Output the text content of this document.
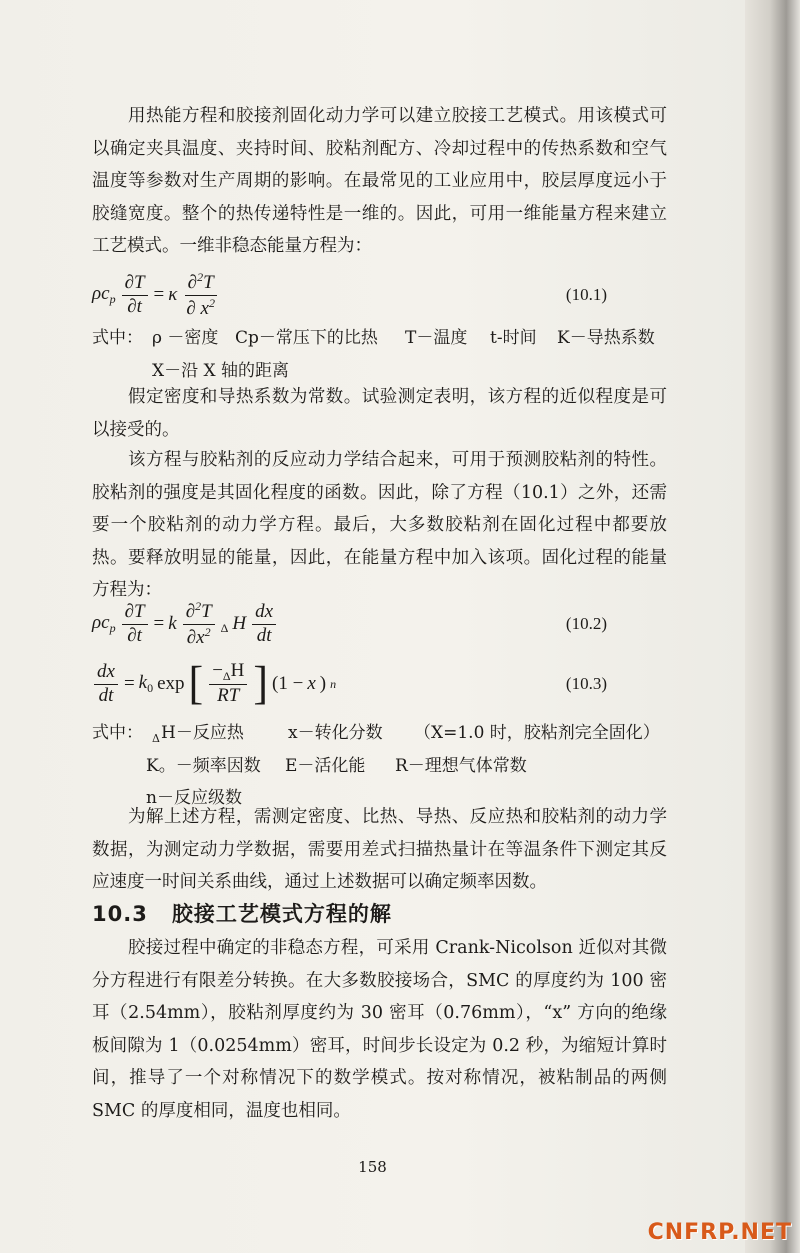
用热能方程和胶接剂固化动力学可以建立胶接工艺模式。用该模式可以确定夹具温度、夹持时间、胶粘剂配方、冷却过程中的传热系数和空气温度等参数对生产周期的影响。在最常见的工业应用中，胶层厚度远小于胶缝宽度。整个的热传递特性是一维的。因此，可用一维能量方程来建立工艺模式。一维非稳态能量方程为：

$\rho c_p \frac{\partial T}{\partial t} = \kappa \frac{\partial^2T}{\partial x^2}$	(10.1)
式中： ρ －密度 Cp－常压下的比热 T－温度 t-时间 K－导热系数
X－沿 X 轴的距离

假定密度和导热系数为常数。试验测定表明，该方程的近似程度是可以接受的。

该方程与胶粘剂的反应动力学结合起来，可用于预测胶粘剂的特性。胶粘剂的强度是其固化程度的函数。因此，除了方程（10.1）之外，还需要一个胶粘剂的动力学方程。最后，大多数胶粘剂在固化过程中都要放热。要释放明显的能量，因此，在能量方程中加入该项。固化过程的能量方程为：

$\rho c_p \frac{\partial T}{\partial t} = k \frac{\partial^2T}{\partial x^2} _\Delta$ H $\frac{dx}{dt}$	(10.2)
$\frac{dx}{dt} = k_0$ exp [ $\frac{-_\Delta H}{RT}$ ] (1 − x ) n	(10.3)
式中： Δ H－反应热	x－转化分数 （X=1.0 时，胶粘剂完全固化）
K。－频率因数 E－活化能 R－理想气体常数
n－反应级数

为解上述方程，需测定密度、比热、导热、反应热和胶粘剂的动力学数据，为测定动力学数据，需要用差式扫描热量计在等温条件下测定其反应速度一时间关系曲线，通过上述数据可以确定频率因数。

10.3 胶接工艺模式方程的解

胶接过程中确定的非稳态方程，可采用 Crank-Nicolson 近似对其微分方程进行有限差分转换。在大多数胶接场合，SMC 的厚度约为 100 密耳（2.54mm），胶粘剂厚度约为 30 密耳（0.76mm），“x” 方向的绝缘板间隙为 1（0.0254mm）密耳，时间步长设定为 0.2 秒，为缩短计算时间，推导了一个对称情况下的数学模式。按对称情况，被粘制品的两侧 SMC 的厚度相同，温度也相同。

158
CNFRP.NET
